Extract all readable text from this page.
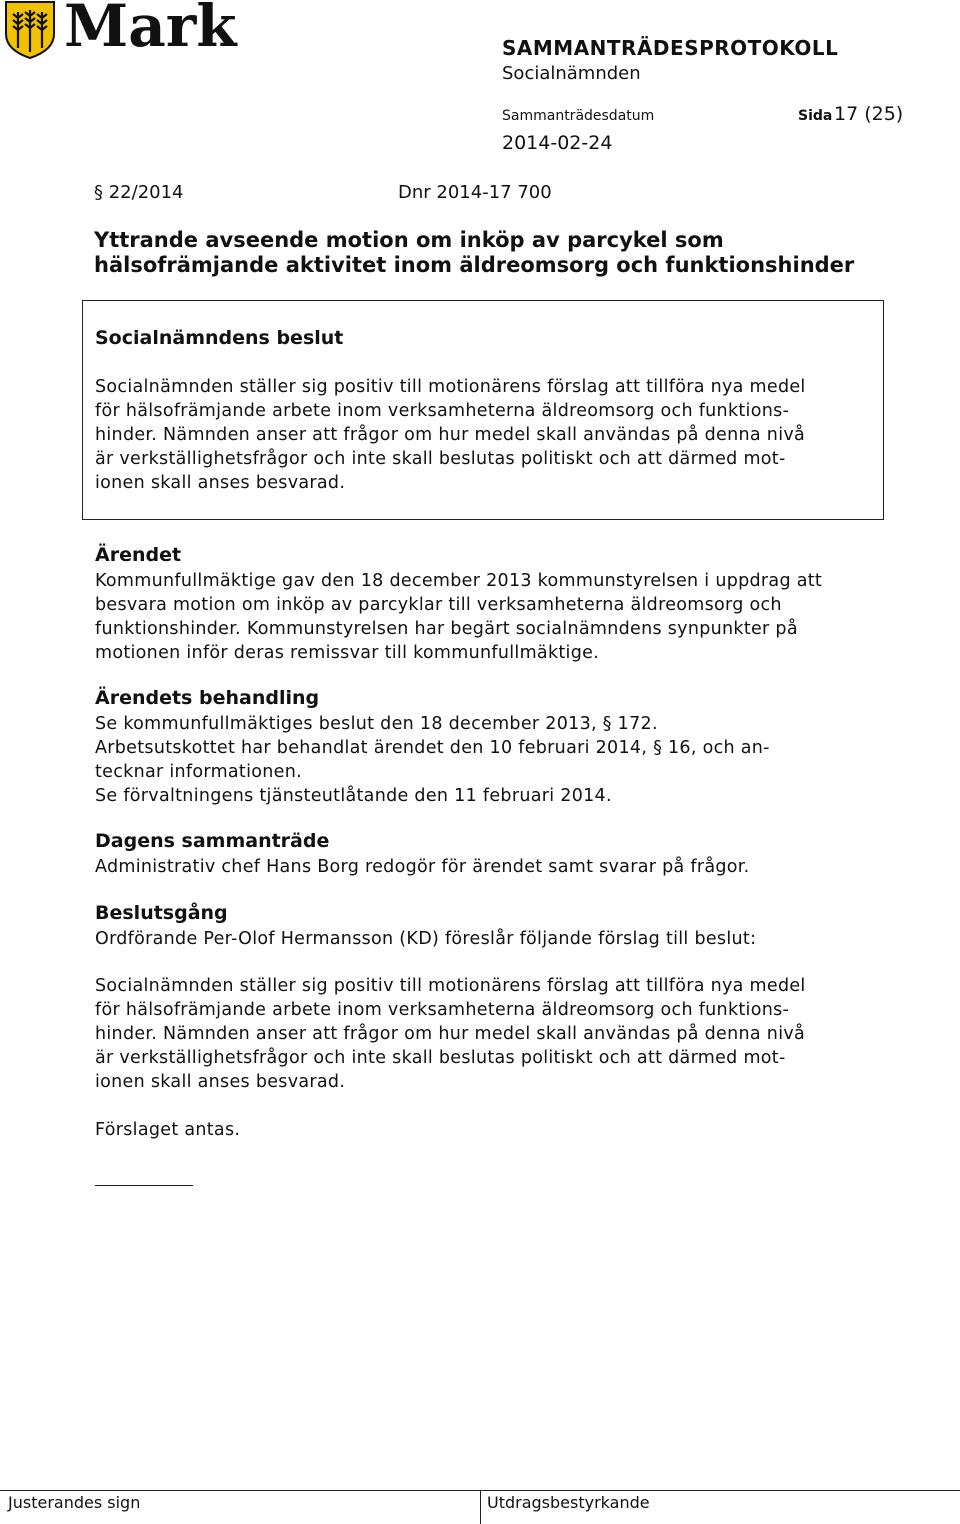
Mark	SAMMANTRÄDESPROTOKOLL
Socialnämnden
Sammanträdesdatum	Sida 17 (25)
2014-02-24
§ 22/2014	Dnr 2014-17 700
Yttrande avseende motion om inköp av parcykel som hälsofrämjande aktivitet inom äldreomsorg och funktionshinder
Socialnämndens beslut
Socialnämnden ställer sig positiv till motionärens förslag att tillföra nya medel
för hälsofrämjande arbete inom verksamheterna äldreomsorg och funktions-
hinder. Nämnden anser att frågor om hur medel skall användas på denna nivå
är verkställighetsfrågor och inte skall beslutas politiskt och att därmed mot-
ionen skall anses besvarad.
Ärendet
Kommunfullmäktige gav den 18 december 2013 kommunstyrelsen i uppdrag att
besvara motion om inköp av parcyklar till verksamheterna äldreomsorg och
funktionshinder. Kommunstyrelsen har begärt socialnämndens synpunkter på
motionen inför deras remissvar till kommunfullmäktige.
Ärendets behandling
Se kommunfullmäktiges beslut den 18 december 2013, § 172.
Arbetsutskottet har behandlat ärendet den 10 februari 2014, § 16, och an-
tecknar informationen.
Se förvaltningens tjänsteutlåtande den 11 februari 2014.
Dagens sammanträde
Administrativ chef Hans Borg redogör för ärendet samt svarar på frågor.
Beslutsgång
Ordförande Per-Olof Hermansson (KD) föreslår följande förslag till beslut:
Socialnämnden ställer sig positiv till motionärens förslag att tillföra nya medel
för hälsofrämjande arbete inom verksamheterna äldreomsorg och funktions-
hinder. Nämnden anser att frågor om hur medel skall användas på denna nivå
är verkställighetsfrågor och inte skall beslutas politiskt och att därmed mot-
ionen skall anses besvarad.
Förslaget antas.
Justerandes sign	Utdragsbestyrkande
